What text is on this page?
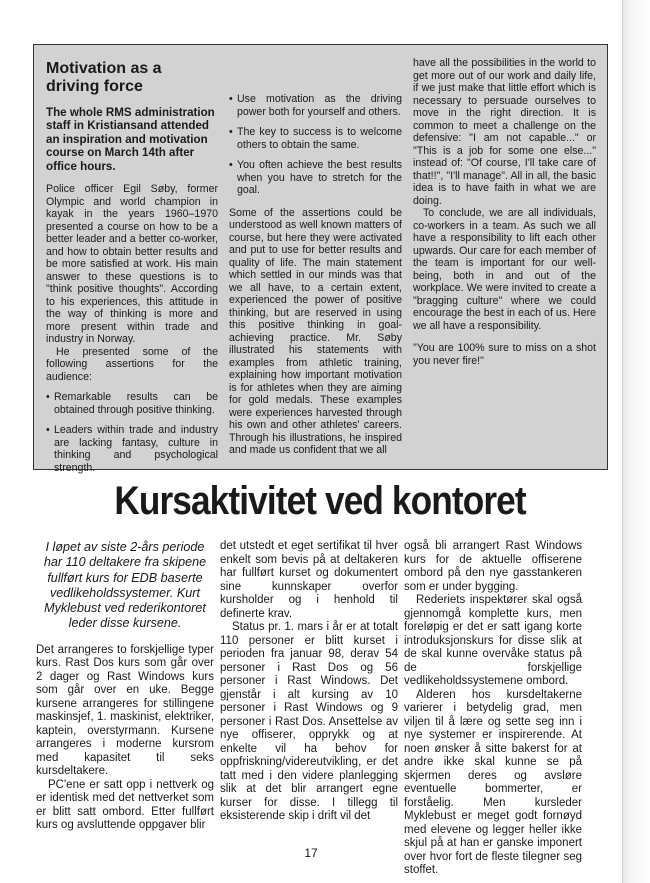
Motivation as a driving force
The whole RMS administration staff in Kristiansand attended an inspiration and motivation course on March 14th after office hours.

Police officer Egil Søby, former Olympic and world champion in kayak in the years 1960–1970 presented a course on how to be a better leader and a better co-worker, and how to obtain better results and be more satisfied at work. His main answer to these questions is to "think positive thoughts". According to his experiences, this attitude in the way of thinking is more and more present within trade and industry in Norway.

He presented some of the following assertions for the audience:

• Remarkable results can be obtained through positive thinking.

• Leaders within trade and industry are lacking fantasy, culture in thinking and psychological strength.

• Use motivation as the driving power both for yourself and others.

• The key to success is to welcome others to obtain the same.

• You often achieve the best results when you have to stretch for the goal.

Some of the assertions could be understood as well known matters of course, but here they were activated and put to use for better results and quality of life. The main statement which settled in our minds was that we all have, to a certain extent, experienced the power of positive thinking, but are reserved in using this positive thinking in goal-achieving practice. Mr. Søby illustrated his statements with examples from athletic training, explaining how important motivation is for athletes when they are aiming for gold medals. These examples were experiences harvested through his own and other athletes' careers. Through his illustrations, he inspired and made us confident that we all

have all the possibilities in the world to get more out of our work and daily life, if we just make that little effort which is necessary to persuade ourselves to move in the right direction. It is common to meet a challenge on the defensive: "I am not capable..." or "This is a job for some one else..." instead of: "Of course, I'll take care of that!!", "I'll manage". All in all, the basic idea is to have faith in what we are doing.

To conclude, we are all individuals, co-workers in a team. As such we all have a responsibility to lift each other upwards. Our care for each member of the team is important for our well-being, both in and out of the workplace. We were invited to create a "bragging culture" where we could encourage the best in each of us. Here we all have a responsibility.

"You are 100% sure to miss on a shot you never fire!"

Kursaktivitet ved kontoret

I løpet av siste 2-års periode har 110 deltakere fra skipene fullført kurs for EDB baserte vedlikeholdssystemer. Kurt Myklebust ved rederikontoret leder disse kursene.

Det arrangeres to forskjellige typer kurs. Rast Dos kurs som går over 2 dager og Rast Windows kurs som går over en uke. Begge kursene arrangeres for stillingene maskinsjef, 1. maskinist, elektriker, kaptein, overstyrmann. Kursene arrangeres i moderne kursrom med kapasitet til seks kursdeltakere.

PC'ene er satt opp i nettverk og er identisk med det nettverket som er blitt satt ombord. Etter fullført kurs og avsluttende oppgaver blir

det utstedt et eget sertifikat til hver enkelt som bevis på at deltakeren har fullført kurset og dokumentert sine kunnskaper overfor kursholder og i henhold til definerte krav.

Status pr. 1. mars i år er at totalt 110 personer er blitt kurset i perioden fra januar 98, derav 54 personer i Rast Dos og 56 personer i Rast Windows. Det gjenstår i alt kursing av 10 personer i Rast Windows og 9 personer i Rast Dos. Ansettelse av nye offiserer, opprykk og at enkelte vil ha behov for oppfriskning/videreutvikling, er det tatt med i den videre planlegging slik at det blir arrangert egne kurser for disse. I tillegg til eksisterende skip i drift vil det

også bli arrangert Rast Windows kurs for de aktuelle offiserene ombord på den nye gasstankeren som er under bygging.

Rederiets inspektører skal også gjennomgå komplette kurs, men foreløpig er det er satt igang korte introduksjonskurs for disse slik at de skal kunne overvåke status på de forskjellige vedlikeholdssystemene ombord.

Alderen hos kursdeltakerne varierer i betydelig grad, men viljen til å lære og sette seg inn i nye systemer er inspirerende. At noen ønsker å sitte bakerst for at andre ikke skal kunne se på skjermen deres og avsløre eventuelle bommerter, er forståelig. Men kursleder Myklebust er meget godt fornøyd med elevene og legger heller ikke skjul på at han er ganske imponert over hvor fort de fleste tilegner seg stoffet.

17
